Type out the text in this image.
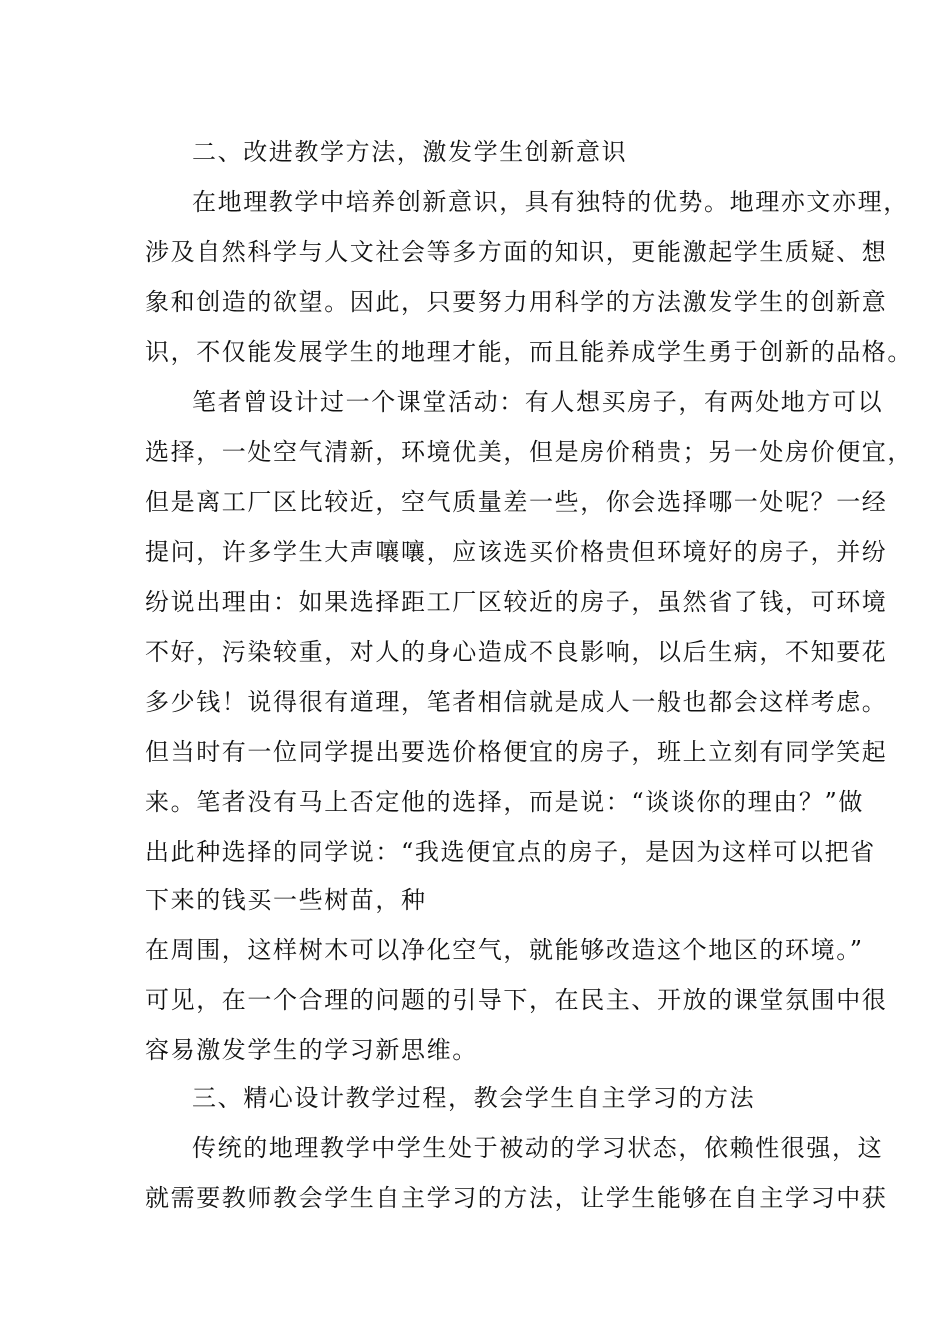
二、改进教学方法，激发学生创新意识
在地理教学中培养创新意识，具有独特的优势。地理亦文亦理，
涉及自然科学与人文社会等多方面的知识，更能激起学生质疑、想
象和创造的欲望。因此，只要努力用科学的方法激发学生的创新意
识，不仅能发展学生的地理才能，而且能养成学生勇于创新的品格。
笔者曾设计过一个课堂活动：有人想买房子，有两处地方可以
选择，一处空气清新，环境优美，但是房价稍贵；另一处房价便宜，
但是离工厂区比较近，空气质量差一些，你会选择哪一处呢？一经
提问，许多学生大声嚷嚷，应该选买价格贵但环境好的房子，并纷
纷说出理由：如果选择距工厂区较近的房子，虽然省了钱，可环境
不好，污染较重，对人的身心造成不良影响，以后生病，不知要花
多少钱！说得很有道理，笔者相信就是成人一般也都会这样考虑。
但当时有一位同学提出要选价格便宜的房子，班上立刻有同学笑起
来。笔者没有马上否定他的选择，而是说：“谈谈你的理由？”做
出此种选择的同学说：“我选便宜点的房子，是因为这样可以把省
下来的钱买一些树苗，种
在周围，这样树木可以净化空气，就能够改造这个地区的环境。”
可见，在一个合理的问题的引导下，在民主、开放的课堂氛围中很
容易激发学生的学习新思维。
三、精心设计教学过程，教会学生自主学习的方法
传统的地理教学中学生处于被动的学习状态，依赖性很强，这
就需要教师教会学生自主学习的方法，让学生能够在自主学习中获
